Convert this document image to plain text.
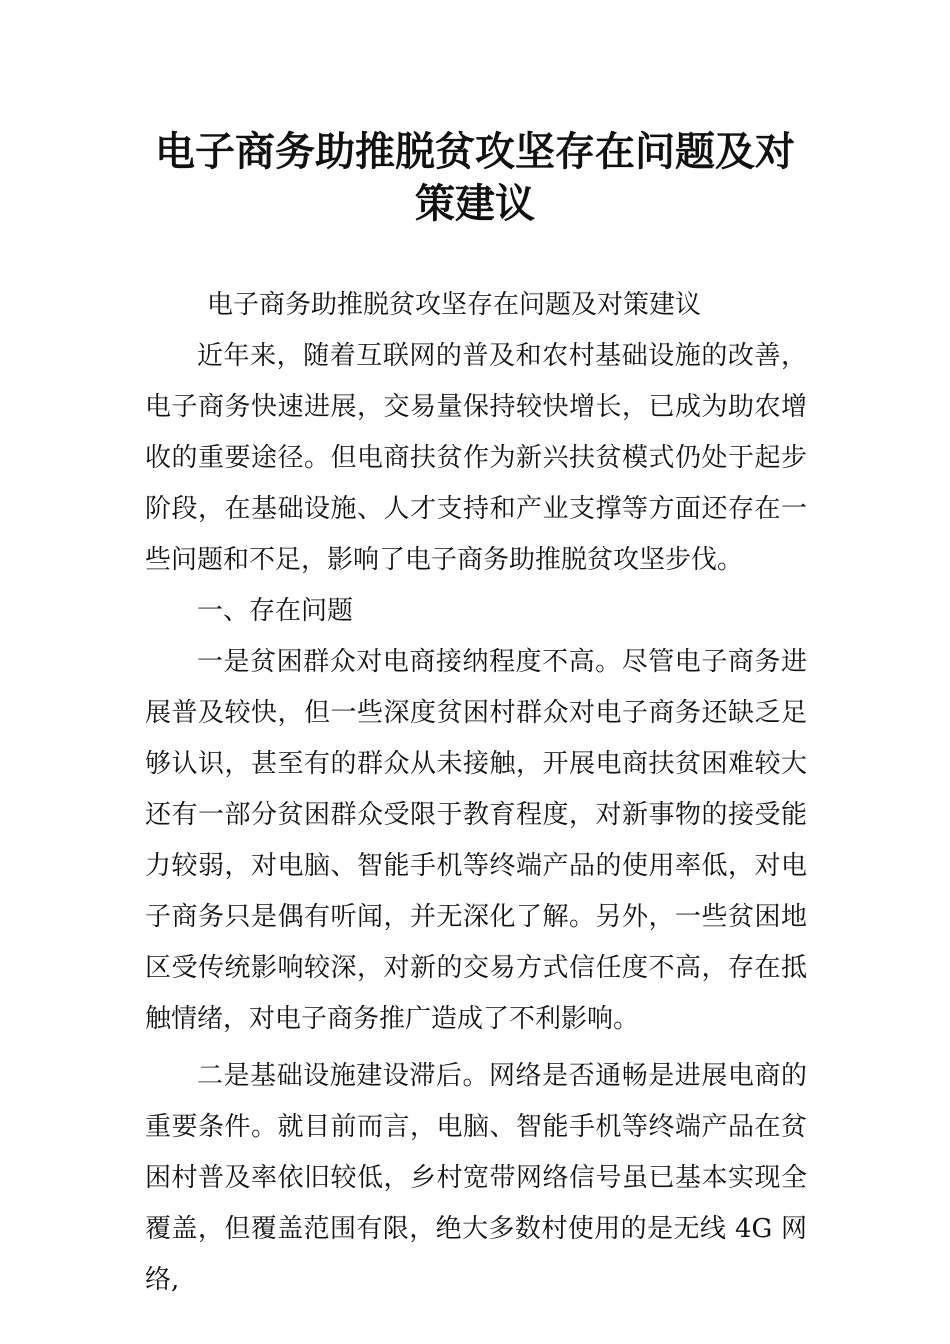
电子商务助推脱贫攻坚存在问题及对策建议

电子商务助推脱贫攻坚存在问题及对策建议

近年来，随着互联网的普及和农村基础设施的改善，电子商务快速进展，交易量保持较快增长，已成为助农增收的重要途径。但电商扶贫作为新兴扶贫模式仍处于起步阶段，在基础设施、人才支持和产业支撑等方面还存在一些问题和不足，影响了电子商务助推脱贫攻坚步伐。

一、存在问题

一是贫困群众对电商接纳程度不高。尽管电子商务进展普及较快，但一些深度贫困村群众对电子商务还缺乏足够认识，甚至有的群众从未接触，开展电商扶贫困难较大还有一部分贫困群众受限于教育程度，对新事物的接受能力较弱，对电脑、智能手机等终端产品的使用率低，对电子商务只是偶有听闻，并无深化了解。另外，一些贫困地区受传统影响较深，对新的交易方式信任度不高，存在抵触情绪，对电子商务推广造成了不利影响。

二是基础设施建设滞后。网络是否通畅是进展电商的重要条件。就目前而言，电脑、智能手机等终端产品在贫困村普及率依旧较低，乡村宽带网络信号虽已基本实现全覆盖，但覆盖范围有限，绝大多数村使用的是无线 4G 网络,
